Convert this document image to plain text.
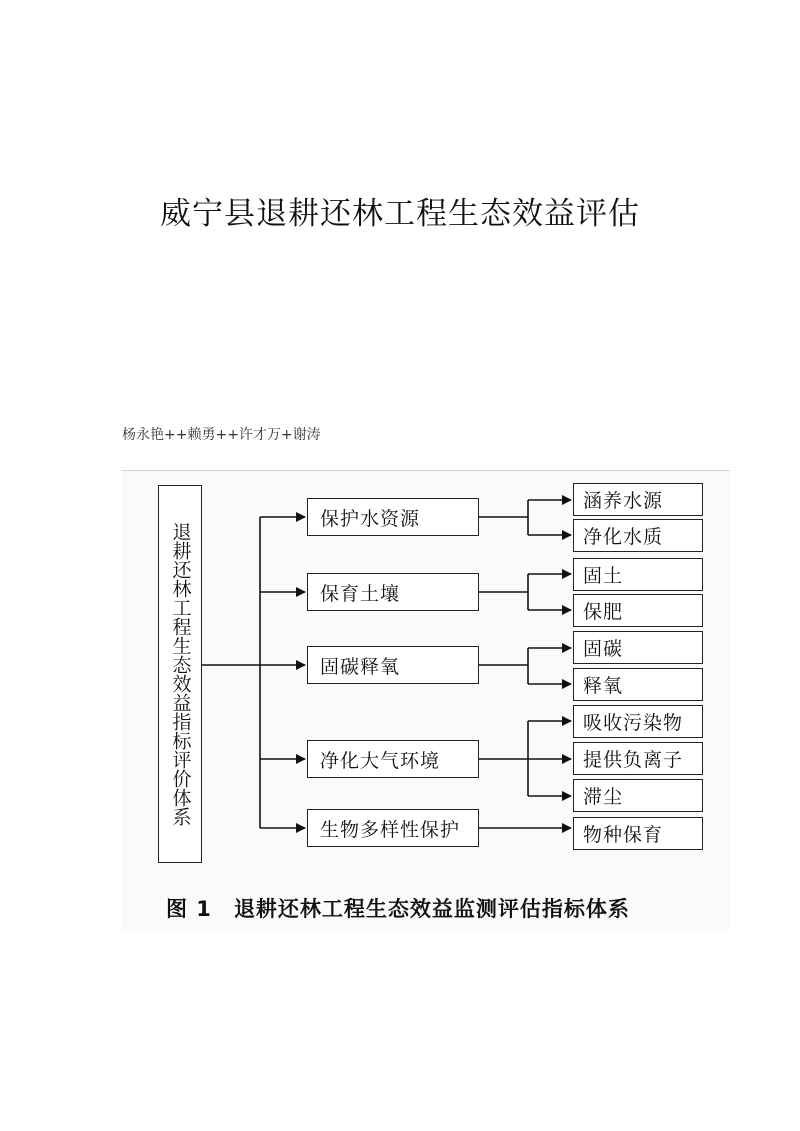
威宁县退耕还林工程生态效益评估
杨永艳++赖勇++许才万+谢涛
退耕还林工程生态效益指标评价体系
保护水资源
保育土壤
固碳释氧
净化大气环境
生物多样性保护
涵养水源
净化水质
固土
保肥
固碳
释氧
吸收污染物
提供负离子
滞尘
物种保育
图 1 退耕还林工程生态效益监测评估指标体系
